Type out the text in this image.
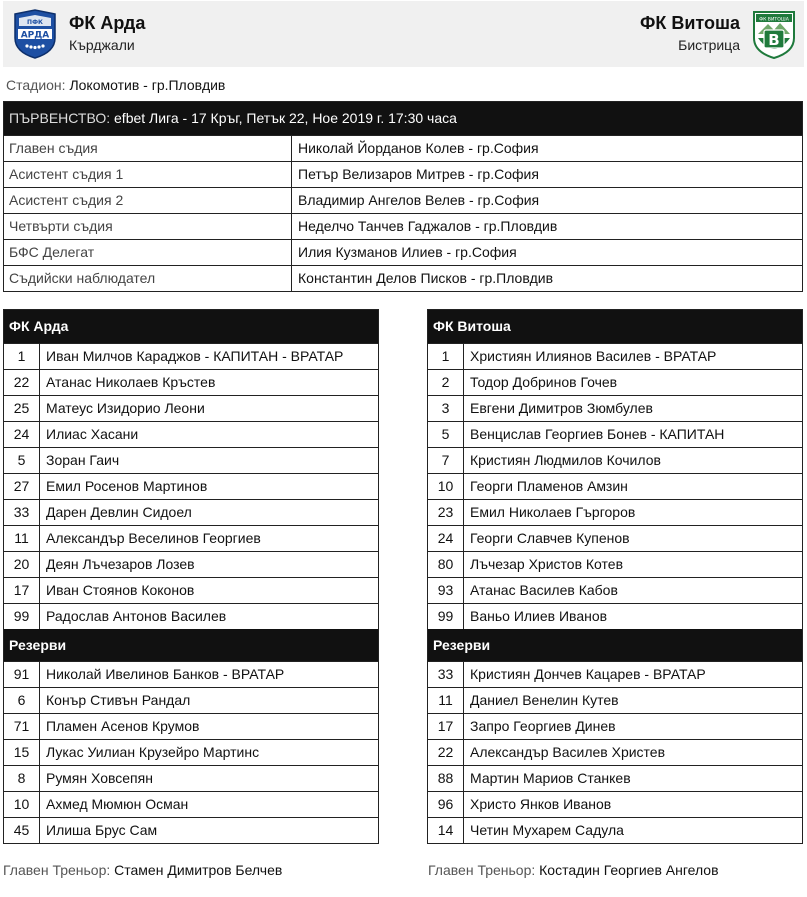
ПФК
АРДА
ФК Арда
Кърджали
ФК Витоша
Бистрица
ФК ВИТОША
В
Стадион: Локомотив - гр.Пловдив
ПЪРВЕНСТВО: efbet Лига - 17 Кръг, Петък 22, Ное 2019 г. 17:30 часа
Главен съдия	Николай Йорданов Колев - гр.София
Асистент съдия 1	Петър Велизаров Митрев - гр.София
Асистент съдия 2	Владимир Ангелов Велев - гр.София
Четвърти съдия	Неделчо Танчев Гаджалов - гр.Пловдив
БФС Делегат	Илия Кузманов Илиев - гр.София
Съдийски наблюдател	Константин Делов Писков - гр.Пловдив
ФК Арда
1	Иван Милчов Караджов - КАПИТАН - ВРАТАР
22	Атанас Николаев Кръстев
25	Матеус Изидорио Леони
24	Илиас Хасани
5	Зоран Гаич
27	Емил Росенов Мартинов
33	Дарен Девлин Сидоел
11	Александър Веселинов Георгиев
20	Деян Лъчезаров Лозев
17	Иван Стоянов Коконов
99	Радослав Антонов Василев
Резерви
91	Николай Ивелинов Банков - ВРАТАР
6	Конър Стивън Рандал
71	Пламен Асенов Крумов
15	Лукас Уилиан Крузейро Мартинс
8	Румян Ховсепян
10	Ахмед Мюмюн Осман
45	Илиша Брус Сам
ФК Витоша
1	Християн Илиянов Василев - ВРАТАР
2	Тодор Добринов Гочев
3	Евгени Димитров Зюмбулев
5	Венцислав Георгиев Бонев - КАПИТАН
7	Кристиян Людмилов Кочилов
10	Георги Пламенов Амзин
23	Емил Николаев Гъргоров
24	Георги Славчев Купенов
80	Лъчезар Христов Котев
93	Атанас Василев Кабов
99	Ваньо Илиев Иванов
Резерви
33	Кристиян Дончев Кацарев - ВРАТАР
11	Даниел Венелин Кутев
17	Запро Георгиев Динев
22	Александър Василев Христев
88	Мартин Мариов Станкев
96	Христо Янков Иванов
14	Четин Мухарем Садула
Главен Треньор: Стамен Димитров Белчев	Главен Треньор: Костадин Георгиев Ангелов
